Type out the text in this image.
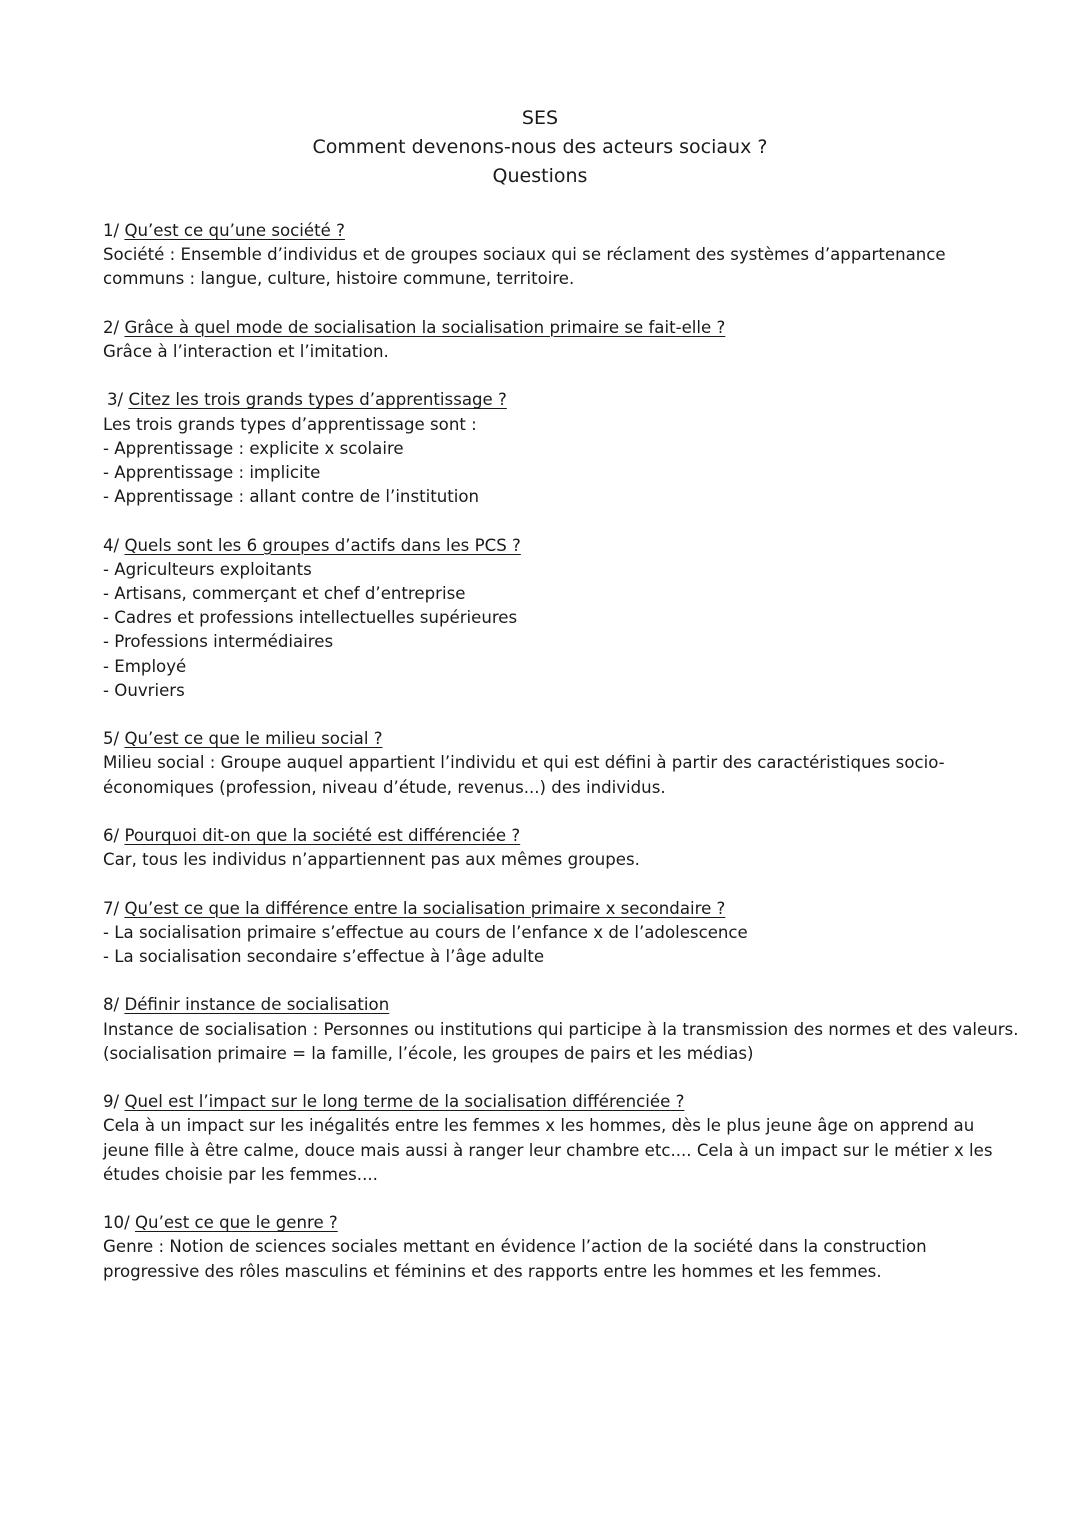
SES
Comment devenons-nous des acteurs sociaux ?
Questions
1/ Qu’est ce qu’une société ?
Société : Ensemble d’individus et de groupes sociaux qui se réclament des systèmes d’appartenance
communs : langue, culture, histoire commune, territoire.
2/ Grâce à quel mode de socialisation la socialisation primaire se fait-elle ?
Grâce à l’interaction et l’imitation.
3/ Citez les trois grands types d’apprentissage ?
Les trois grands types d’apprentissage sont :
- Apprentissage : explicite x scolaire
- Apprentissage : implicite
- Apprentissage : allant contre de l’institution
4/ Quels sont les 6 groupes d’actifs dans les PCS ?
- Agriculteurs exploitants
- Artisans, commerçant et chef d’entreprise
- Cadres et professions intellectuelles supérieures
- Professions intermédiaires
- Employé
- Ouvriers
5/ Qu’est ce que le milieu social ?
Milieu social : Groupe auquel appartient l’individu et qui est défini à partir des caractéristiques socio-
économiques (profession, niveau d’étude, revenus...) des individus.
6/ Pourquoi dit-on que la société est différenciée ?
Car, tous les individus n’appartiennent pas aux mêmes groupes.
7/ Qu’est ce que la différence entre la socialisation primaire x secondaire ?
- La socialisation primaire s’effectue au cours de l’enfance x de l’adolescence
- La socialisation secondaire s’effectue à l’âge adulte
8/ Définir instance de socialisation
Instance de socialisation : Personnes ou institutions qui participe à la transmission des normes et des valeurs.
(socialisation primaire = la famille, l’école, les groupes de pairs et les médias)
9/ Quel est l’impact sur le long terme de la socialisation différenciée ?
Cela à un impact sur les inégalités entre les femmes x les hommes, dès le plus jeune âge on apprend au
jeune fille à être calme, douce mais aussi à ranger leur chambre etc.... Cela à un impact sur le métier x les
études choisie par les femmes....
10/ Qu’est ce que le genre ?
Genre : Notion de sciences sociales mettant en évidence l’action de la société dans la construction
progressive des rôles masculins et féminins et des rapports entre les hommes et les femmes.
